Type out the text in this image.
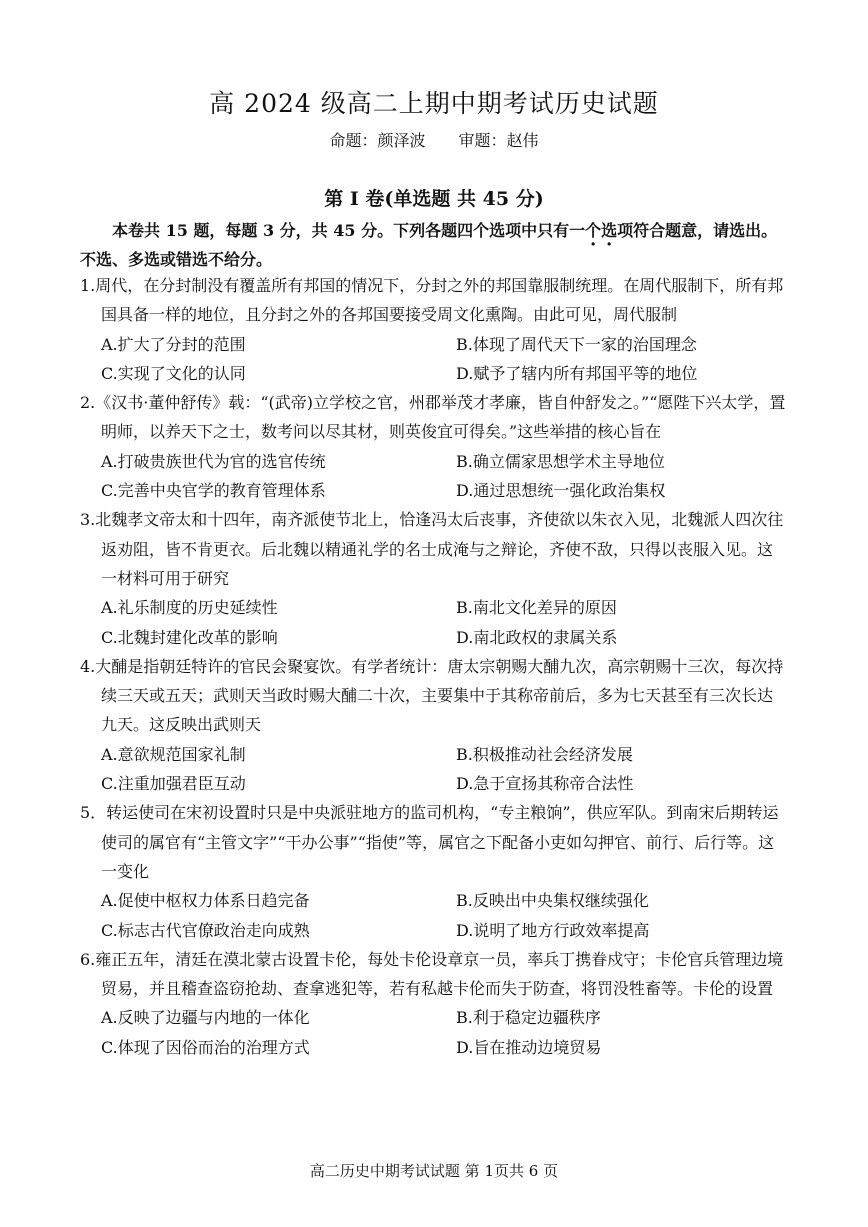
高 2024 级高二上期中期考试历史试题
命题：颜泽波 审题：赵伟
第 I 卷(单选题 共 45 分)
本卷共 15 题，每题 3 分，共 45 分。下列各题四个选项中只有一个选项符合题意，请选出。不选、多选或错选不给分。
1.周代，在分封制没有覆盖所有邦国的情况下，分封之外的邦国靠服制统理。在周代服制下，所有邦国具备一样的地位，且分封之外的各邦国要接受周文化熏陶。由此可见，周代服制
A.扩大了分封的范围	B.体现了周代天下一家的治国理念
C.实现了文化的认同	D.赋予了辖内所有邦国平等的地位
2.《汉书·董仲舒传》载：“(武帝)立学校之官，州郡举茂才孝廉，皆自仲舒发之。”“愿陛下兴太学，置明师，以养天下之士，数考问以尽其材，则英俊宜可得矣。”这些举措的核心旨在
A.打破贵族世代为官的选官传统	B.确立儒家思想学术主导地位
C.完善中央官学的教育管理体系	D.通过思想统一强化政治集权
3.北魏孝文帝太和十四年，南齐派使节北上，恰逢冯太后丧事，齐使欲以朱衣入见，北魏派人四次往返劝阻，皆不肯更衣。后北魏以精通礼学的名士成淹与之辩论，齐使不敌，只得以丧服入见。这一材料可用于研究
A.礼乐制度的历史延续性	B.南北文化差异的原因
C.北魏封建化改革的影响	D.南北政权的隶属关系
4.大酺是指朝廷特许的官民会聚宴饮。有学者统计：唐太宗朝赐大酺九次，高宗朝赐十三次，每次持续三天或五天；武则天当政时赐大酺二十次，主要集中于其称帝前后，多为七天甚至有三次长达九天。这反映出武则天
A.意欲规范国家礼制	B.积极推动社会经济发展
C.注重加强君臣互动	D.急于宣扬其称帝合法性
5．转运使司在宋初设置时只是中央派驻地方的监司机构，“专主粮饷”，供应军队。到南宋后期转运使司的属官有“主管文字”“干办公事”“指使”等，属官之下配备小吏如勾押官、前行、后行等。这一变化
A.促使中枢权力体系日趋完备	B.反映出中央集权继续强化
C.标志古代官僚政治走向成熟	D.说明了地方行政效率提高
6.雍正五年，清廷在漠北蒙古设置卡伦，每处卡伦设章京一员，率兵丁携眷戍守；卡伦官兵管理边境贸易，并且稽查盗窃抢劫、查拿逃犯等，若有私越卡伦而失于防查，将罚没牲畜等。卡伦的设置
A.反映了边疆与内地的一体化	B.利于稳定边疆秩序
C.体现了因俗而治的治理方式	D.旨在推动边境贸易
高二历史中期考试试题 第 1页共 6 页
